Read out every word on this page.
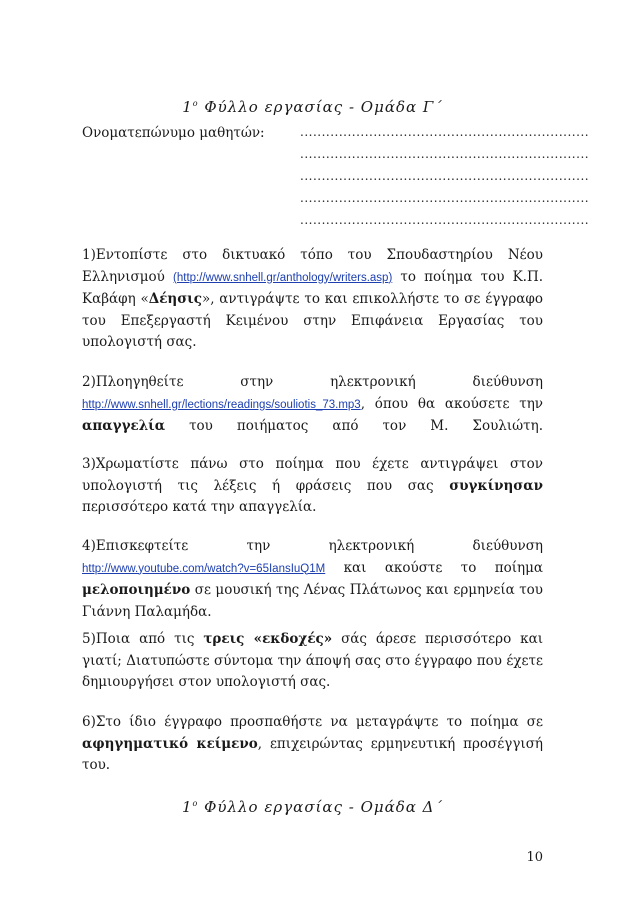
$1^o$ Φύλλο εργασίας - Ομάδα Γ΄
Ονοματεπώνυμο μαθητών:	...................................................................
...................................................................
...................................................................
...................................................................
...................................................................
1)Εντοπίστε στο δικτυακό τόπο του Σπουδαστηρίου Νέου Ελληνισμού (http://www.snhell.gr/anthology/writers.asp) το ποίημα του Κ.Π. Καβάφη «Δέησις», αντιγράψτε το και επικολλήστε το σε έγγραφο του Επεξεργαστή Κειμένου στην Επιφάνεια Εργασίας του υπολογιστή σας.
2)Πλοηγηθείτε στην ηλεκτρονική διεύθυνση http://www.snhell.gr/lections/readings/souliotis_73.mp3, όπου θα ακούσετε την απαγγελία του ποιήματος από τον Μ. Σουλιώτη.
3)Χρωματίστε πάνω στο ποίημα που έχετε αντιγράψει στον υπολογιστή τις λέξεις ή φράσεις που σας συγκίνησαν περισσότερο κατά την απαγγελία.
4)Επισκεφτείτε την ηλεκτρονική διεύθυνση http://www.youtube.com/watch?v=65IansIuQ1M και ακούστε το ποίημα μελοποιημένο σε μουσική της Λένας Πλάτωνος και ερμηνεία του Γιάννη Παλαμήδα.
5)Ποια από τις τρεις «εκδοχές» σάς άρεσε περισσότερο και γιατί; Διατυπώστε σύντομα την άποψή σας στο έγγραφο που έχετε δημιουργήσει στον υπολογιστή σας.
6)Στο ίδιο έγγραφο προσπαθήστε να μεταγράψτε το ποίημα σε αφηγηματικό κείμενο, επιχειρώντας ερμηνευτική προσέγγισή του.
$1^o$ Φύλλο εργασίας - Ομάδα Δ΄
10
